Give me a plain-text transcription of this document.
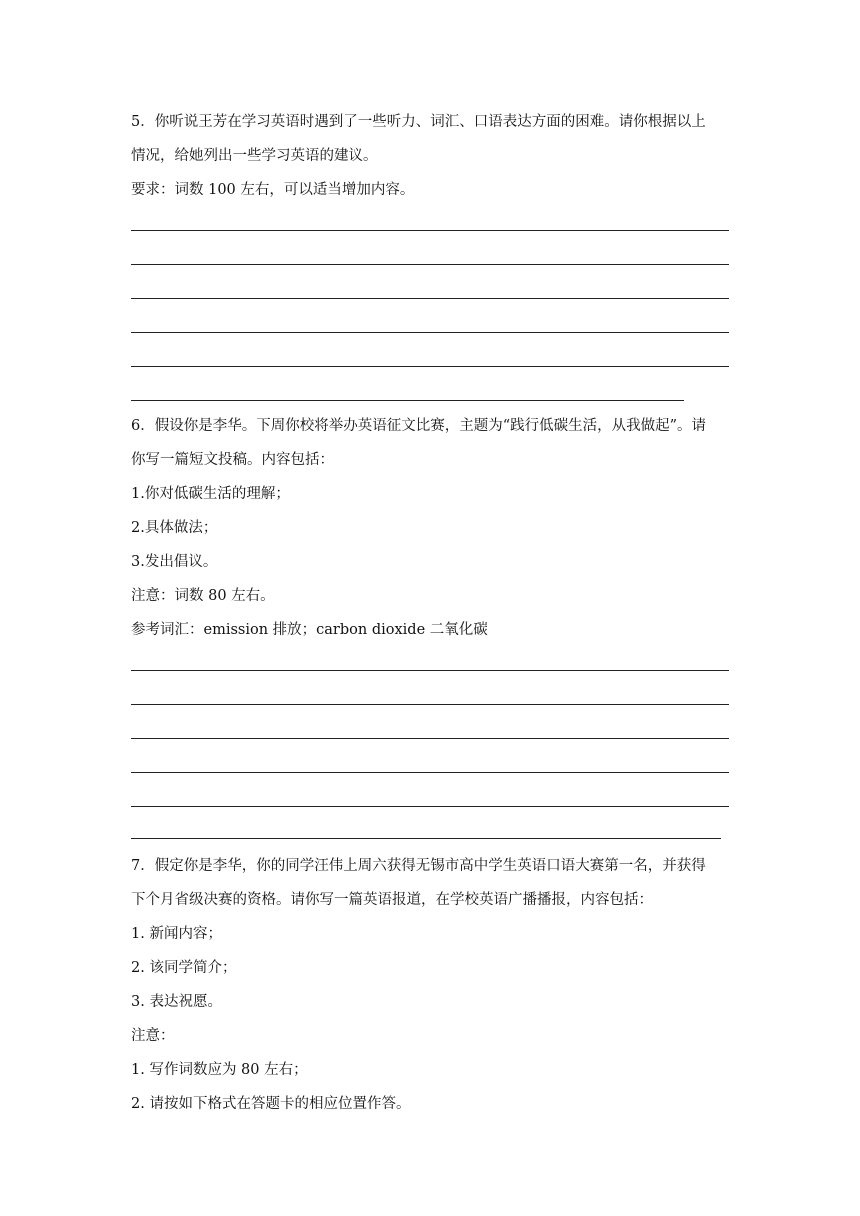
5．你听说王芳在学习英语时遇到了一些听力、词汇、口语表达方面的困难。请你根据以上
情况，给她列出一些学习英语的建议。
要求：词数 100 左右，可以适当增加内容。
6．假设你是李华。下周你校将举办英语征文比赛，主题为“践行低碳生活，从我做起”。请
你写一篇短文投稿。内容包括：
1.你对低碳生活的理解；
2.具体做法；
3.发出倡议。
注意：词数 80 左右。
参考词汇：emission 排放；carbon dioxide 二氧化碳
7．假定你是李华，你的同学汪伟上周六获得无锡市高中学生英语口语大赛第一名，并获得
下个月省级决赛的资格。请你写一篇英语报道，在学校英语广播播报，内容包括：
1. 新闻内容；
2. 该同学简介；
3. 表达祝愿。
注意：
1. 写作词数应为 80 左右；
2. 请按如下格式在答题卡的相应位置作答。
